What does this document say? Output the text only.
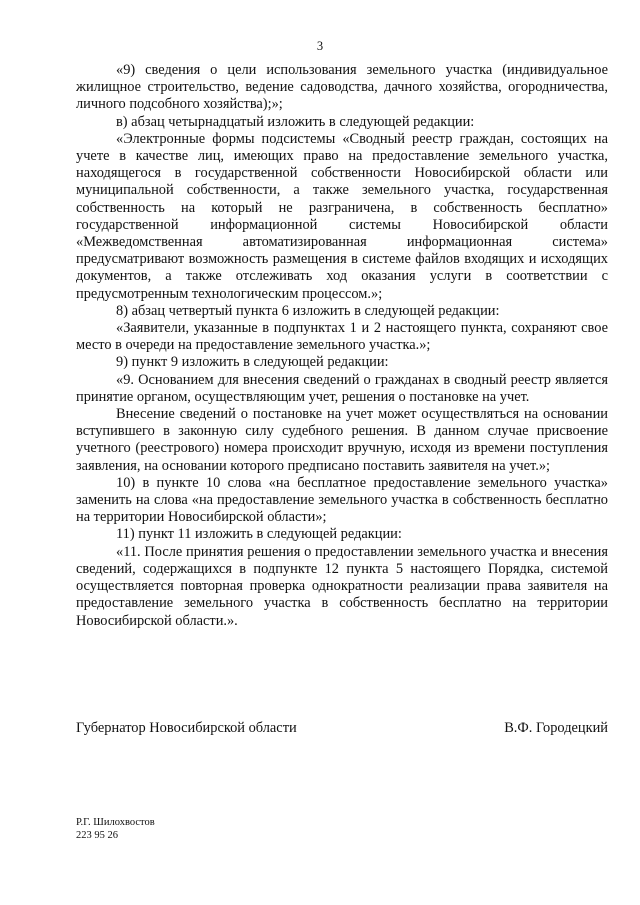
3

«9) сведения о цели использования земельного участка (индивидуальное жилищное строительство, ведение садоводства, дачного хозяйства, огородничества, личного подсобного хозяйства);»;

в) абзац четырнадцатый изложить в следующей редакции:

«Электронные формы подсистемы «Сводный реестр граждан, состоящих на учете в качестве лиц, имеющих право на предоставление земельного участка, находящегося в государственной собственности Новосибирской области или муниципальной собственности, а также земельного участка, государственная собственность на который не разграничена, в собственность бесплатно» государственной информационной системы Новосибирской области «Межведомственная автоматизированная информационная система» предусматривают возможность размещения в системе файлов входящих и исходящих документов, а также отслеживать ход оказания услуги в соответствии с предусмотренным технологическим процессом.»;

8) абзац четвертый пункта 6 изложить в следующей редакции:

«Заявители, указанные в подпунктах 1 и 2 настоящего пункта, сохраняют свое место в очереди на предоставление земельного участка.»;

9) пункт 9 изложить в следующей редакции:

«9. Основанием для внесения сведений о гражданах в сводный реестр является принятие органом, осуществляющим учет, решения о постановке на учет.

Внесение сведений о постановке на учет может осуществляться на основании вступившего в законную силу судебного решения. В данном случае присвоение учетного (реестрового) номера происходит вручную, исходя из времени поступления заявления, на основании которого предписано поставить заявителя на учет.»;

10) в пункте 10 слова «на бесплатное предоставление земельного участка» заменить на слова «на предоставление земельного участка в собственность бесплатно на территории Новосибирской области»;

11) пункт 11 изложить в следующей редакции:

«11. После принятия решения о предоставлении земельного участка и внесения сведений, содержащихся в подпункте 12 пункта 5 настоящего Порядка, системой осуществляется повторная проверка однократности реализации права заявителя на предоставление земельного участка в собственность бесплатно на территории Новосибирской области.».

Губернатор Новосибирской области	В.Ф. Городецкий
Р.Г. Шилохвостов
223 95 26
